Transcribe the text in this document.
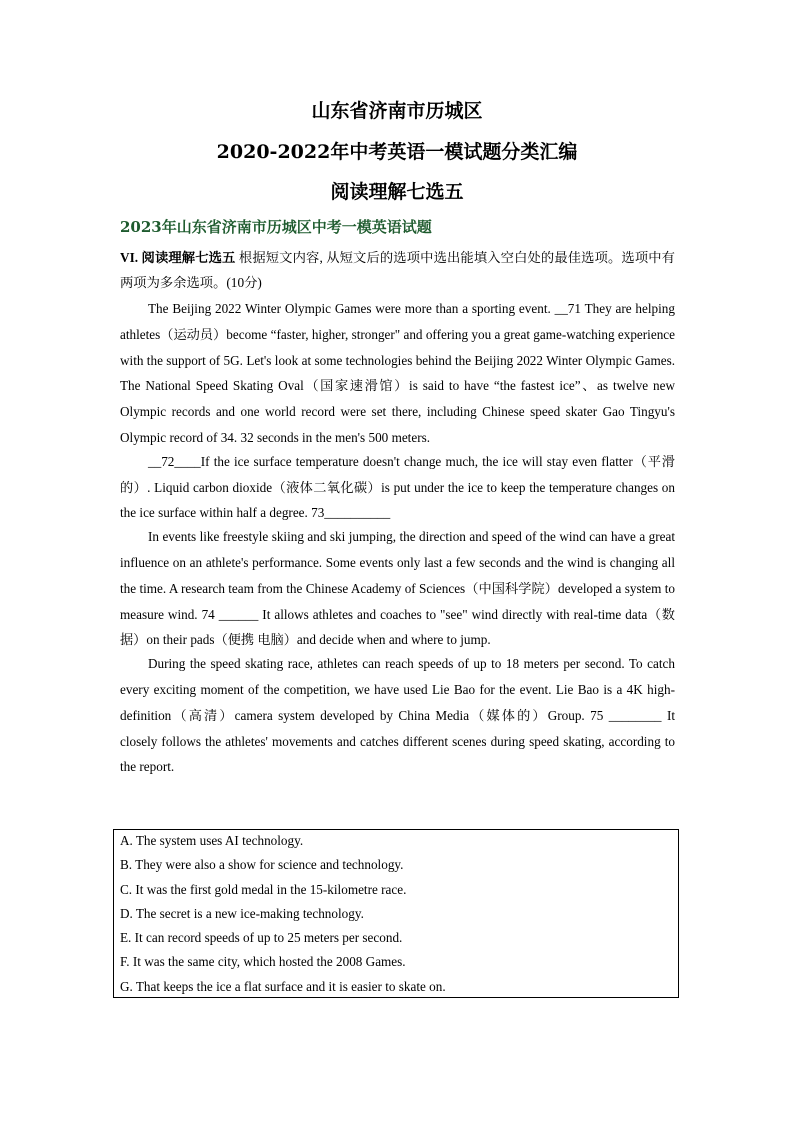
山东省济南市历城区
2020-2022年中考英语一模试题分类汇编
阅读理解七选五
2023年山东省济南市历城区中考一模英语试题
VI. 阅读理解七选五 根据短文内容, 从短文后的选项中选出能填入空白处的最佳选项。选项中有两项为多余选项。(10分)

The Beijing 2022 Winter Olympic Games were more than a sporting event. __71 They are helping athletes（运动员）become “faster, higher, stronger" and offering you a great game-watching experience with the support of 5G. Let's look at some technologies behind the Beijing 2022 Winter Olympic Games. The National Speed Skating Oval（国家速滑馆）is said to have “the fastest ice”、as twelve new Olympic records and one world record were set there, including Chinese speed skater Gao Tingyu's Olympic record of 34. 32 seconds in the men's 500 meters.

__72____If the ice surface temperature doesn't change much, the ice will stay even flatter（平滑的）. Liquid carbon dioxide（液体二氧化碳）is put under the ice to keep the temperature changes on the ice surface within half a degree. 73__________

In events like freestyle skiing and ski jumping, the direction and speed of the wind can have a great influence on an athlete's performance. Some events only last a few seconds and the wind is changing all the time. A research team from the Chinese Academy of Sciences（中国科学院）developed a system to measure wind. 74 ______ It allows athletes and coaches to "see" wind directly with real-time data（数据）on their pads（便携 电脑）and decide when and where to jump.

During the speed skating race, athletes can reach speeds of up to 18 meters per second. To catch every exciting moment of the competition, we have used Lie Bao for the event. Lie Bao is a 4K high-definition（高清）camera system developed by China Media（媒体的）Group. 75 ________ It closely follows the athletes' movements and catches different scenes during speed skating, according to the report.

A. The system uses AI technology.
B. They were also a show for science and technology.
C. It was the first gold medal in the 15-kilometre race.
D. The secret is a new ice-making technology.
E. It can record speeds of up to 25 meters per second.
F. It was the same city, which hosted the 2008 Games.
G. That keeps the ice a flat surface and it is easier to skate on.
